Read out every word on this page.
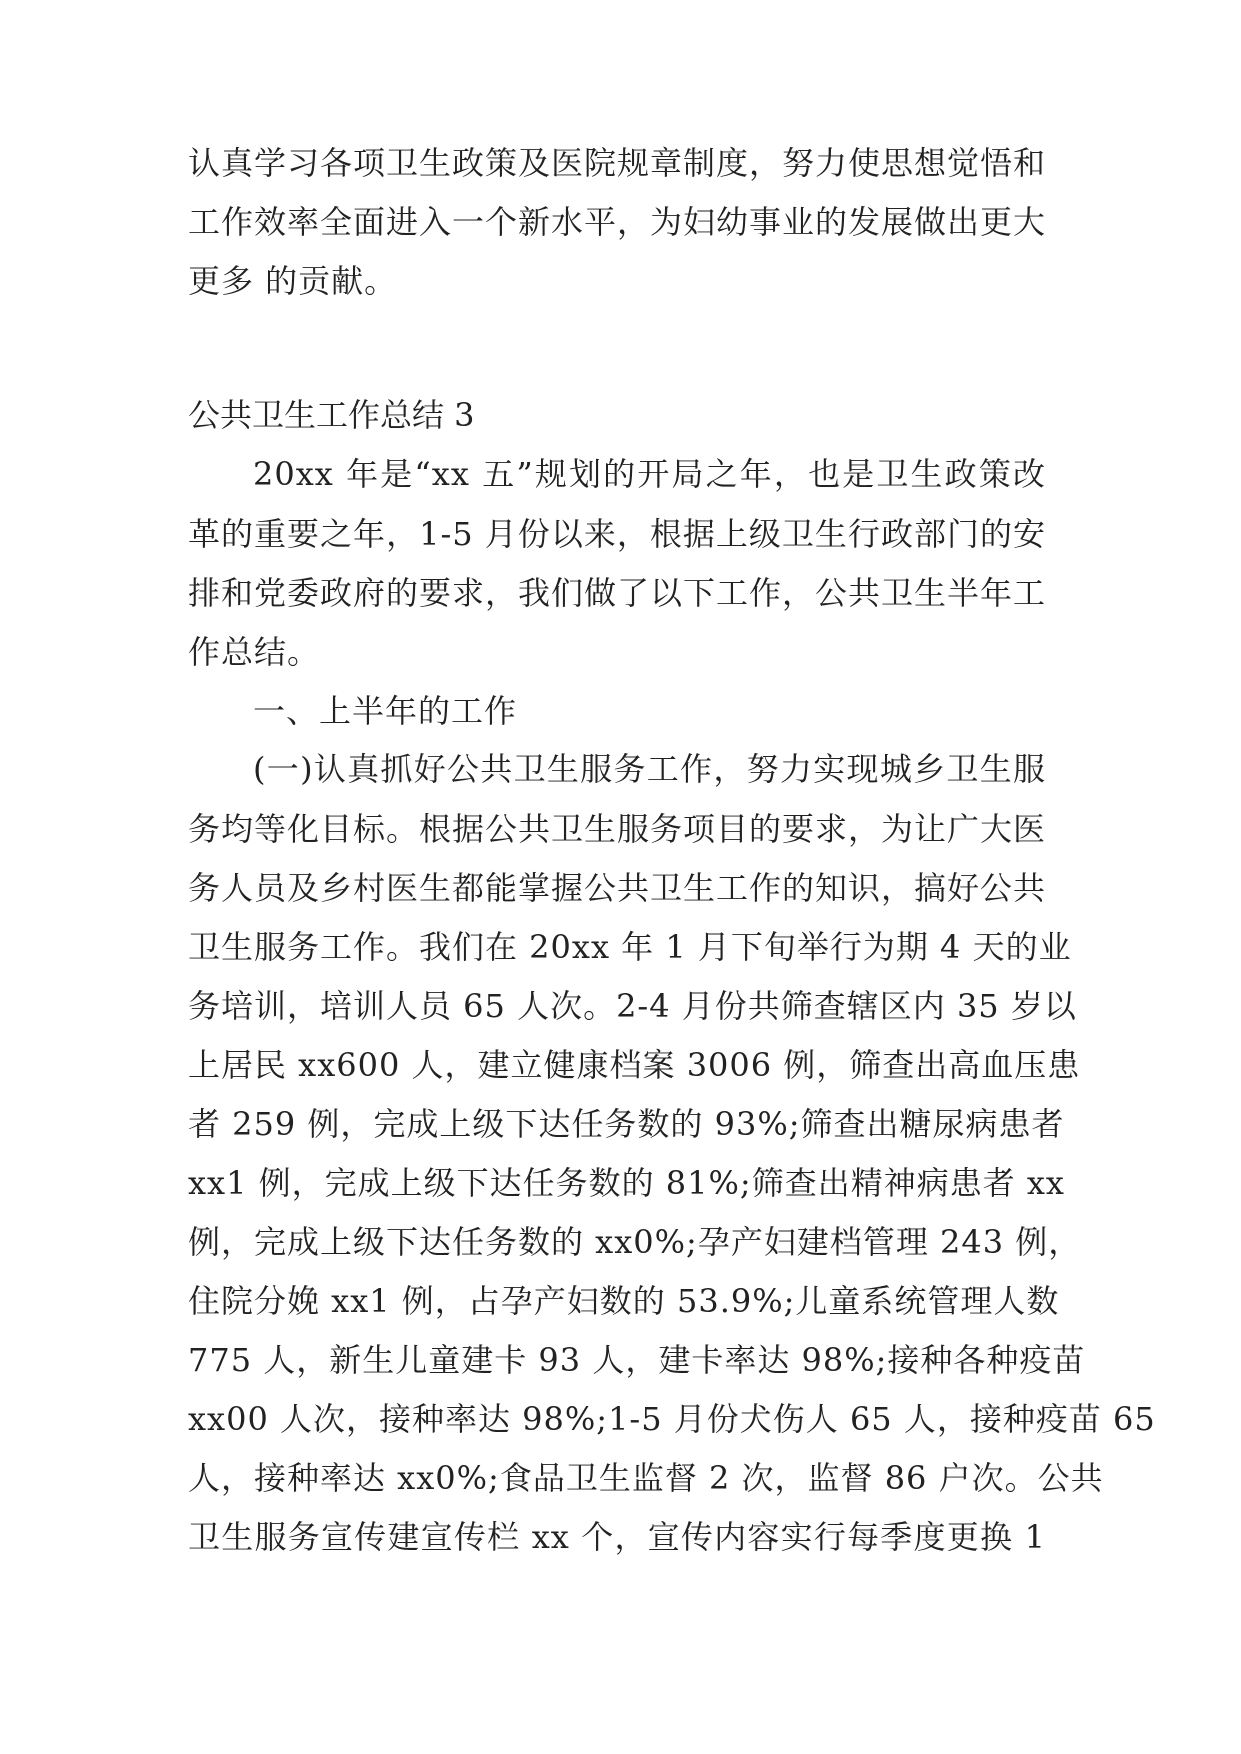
认真学习各项卫生政策及医院规章制度，努力使思想觉悟和
工作效率全面进入一个新水平，为妇幼事业的发展做出更大
更多 的贡献。
公共卫生工作总结 3
20xx 年是“xx 五”规划的开局之年，也是卫生政策改
革的重要之年，1-5 月份以来，根据上级卫生行政部门的安
排和党委政府的要求，我们做了以下工作，公共卫生半年工
作总结。
一、上半年的工作
(一)认真抓好公共卫生服务工作，努力实现城乡卫生服
务均等化目标。根据公共卫生服务项目的要求，为让广大医
务人员及乡村医生都能掌握公共卫生工作的知识，搞好公共
卫生服务工作。我们在 20xx 年 1 月下旬举行为期 4 天的业
务培训，培训人员 65 人次。2-4 月份共筛查辖区内 35 岁以
上居民 xx600 人，建立健康档案 3006 例，筛查出高血压患
者 259 例，完成上级下达任务数的 93%;筛查出糖尿病患者
xx1 例，完成上级下达任务数的 81%;筛查出精神病患者 xx
例，完成上级下达任务数的 xx0%;孕产妇建档管理 243 例，
住院分娩 xx1 例，占孕产妇数的 53.9%;儿童系统管理人数
775 人，新生儿童建卡 93 人，建卡率达 98%;接种各种疫苗
xx00 人次，接种率达 98%;1-5 月份犬伤人 65 人，接种疫苗 65
人，接种率达 xx0%;食品卫生监督 2 次，监督 86 户次。公共
卫生服务宣传建宣传栏 xx 个，宣传内容实行每季度更换 1
